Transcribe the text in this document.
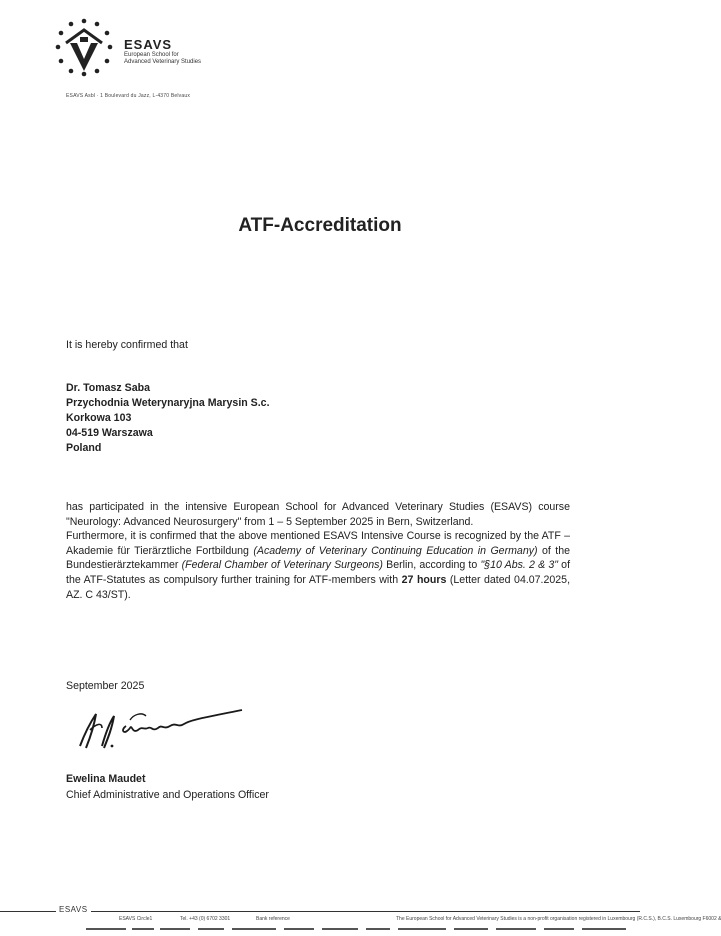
ESAVS
European School for
Advanced Veterinary Studies
ESAVS Asbl · 1 Boulevard du Jazz, L-4370 Belvaux
ATF-Accreditation
It is hereby confirmed that
Dr. Tomasz Saba
Przychodnia Weterynaryjna Marysin S.c.
Korkowa 103
04-519 Warszawa
Poland

has participated in the intensive European School for Advanced Veterinary Studies (ESAVS) course "Neurology: Advanced Neurosurgery" from 1 – 5 September 2025 in Bern, Switzerland.

Furthermore, it is confirmed that the above mentioned ESAVS Intensive Course is recognized by the ATF – Akademie für Tierärztliche Fortbildung (Academy of Veterinary Continuing Education in Germany) of the Bundestierärztekammer (Federal Chamber of Veterinary Surgeons) Berlin, according to "§10 Abs. 2 & 3" of the ATF-Statutes as compulsory further training for ATF-members with 27 hours (Letter dated 04.07.2025, AZ. C 43/ST).

September 2025
Ewelina Maudet
Chief Administrative and Operations Officer
ESAVS
ESAVS Circle1	Tel. +43 (0) 6702 3301	Bank reference	The European School for Advanced Veterinary Studies is a non-profit organisation registered in Luxembourg (R.C.S.), B.C.S. Luxembourg F6002 &
